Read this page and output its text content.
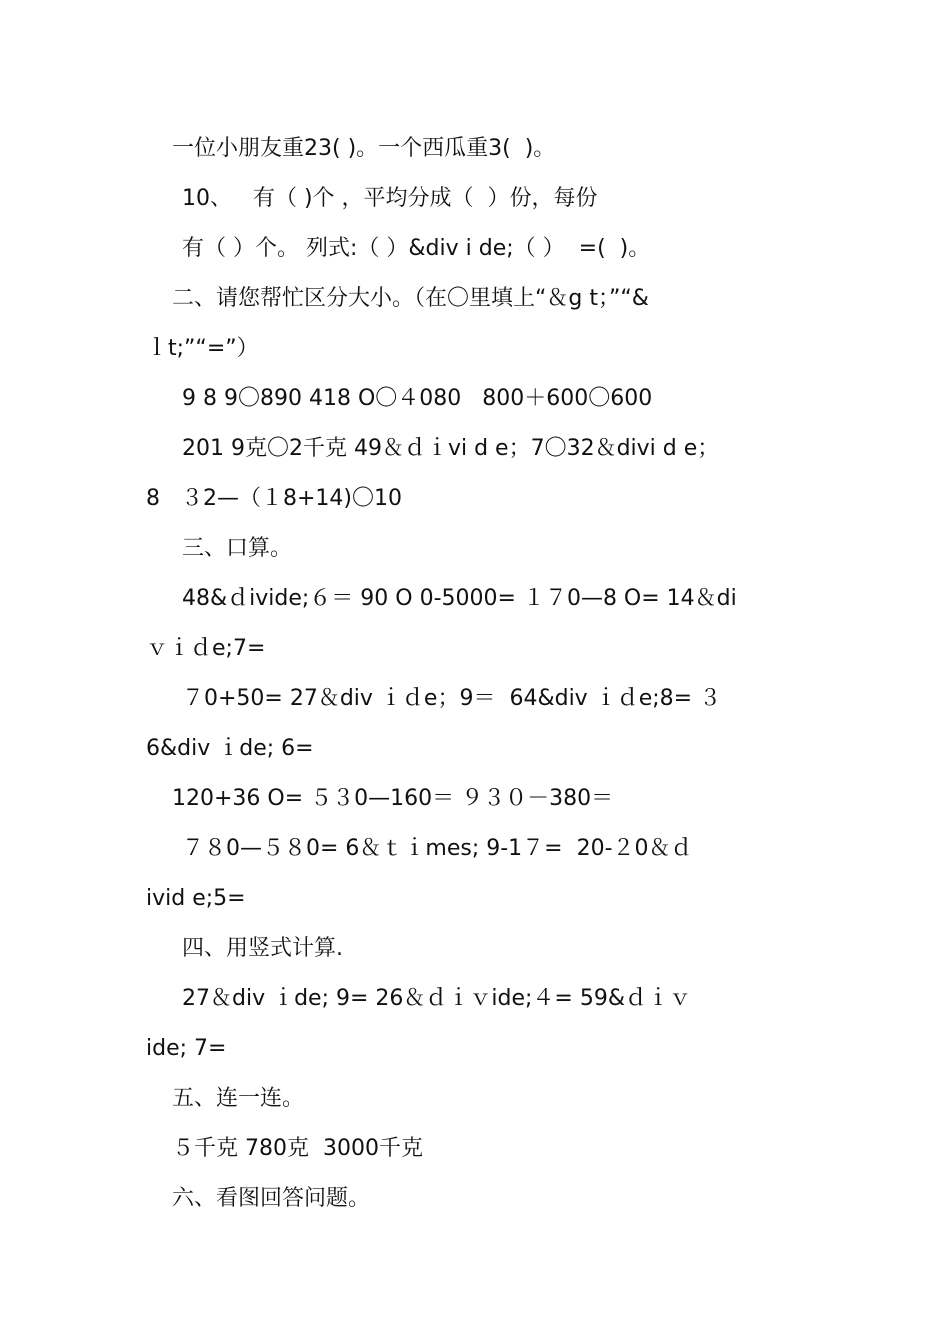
一位小朋友重23( )。一个西瓜重3(  )。
10、   有（ )个 ，平均分成（  ）份，每份
有（ ）个。 列式:（ ）&div i de;（ ）  =(  )。
二、请您帮忙区分大小。（在〇里填上“＆g t；”“&
ｌt;”“=”）
9 8 9〇890 418 O〇４080   800＋600〇600
201 9克〇2千克 49＆ｄｉvi d e；7〇32＆divi d e；
8   ３2—（１8+14)〇10
三、口算。
48&ｄivide;６＝ 90 O 0-5000= １７0—8 O= 14＆di
ｖｉｄe;7=
７0+50= 27＆div ｉｄe；9＝  64&div ｉｄe;8= ３
6&div ｉde; 6=
120+36 O= ５３0—160＝ ９３０－380＝
７８0—５８0= 6＆ｔｉmes; 9-1７=  20-２0＆ｄ
ivid e;5=
四、用竖式计算.
27＆div ｉde; 9= 26＆ｄｉｖide;４= 59&ｄｉｖ
ide; 7=
五、连一连。
５千克 780克  3000千克
六、看图回答问题。
